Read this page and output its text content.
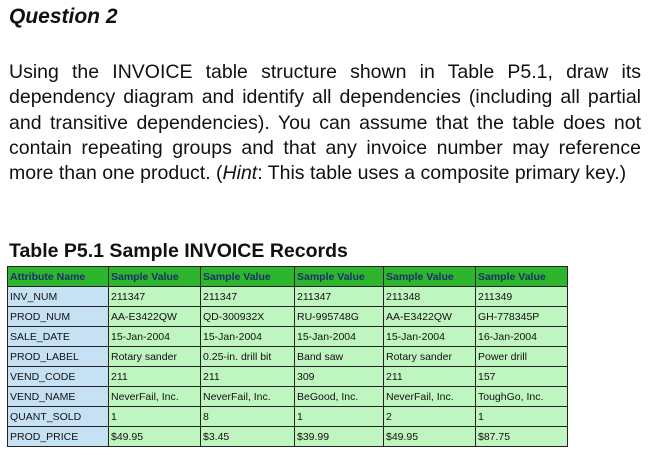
Question 2
Using the INVOICE table structure shown in Table P5.1, draw its dependency diagram and identify all dependencies (including all partial and transitive dependencies). You can assume that the table does not contain repeating groups and that any invoice number may reference more than one product. (Hint: This table uses a composite primary key.)
Table P5.1 Sample INVOICE Records
Attribute Name	Sample Value	Sample Value	Sample Value	Sample Value	Sample Value
INV_NUM	211347	211347	211347	211348	211349
PROD_NUM	AA-E3422QW	QD-300932X	RU-995748G	AA-E3422QW	GH-778345P
SALE_DATE	15-Jan-2004	15-Jan-2004	15-Jan-2004	15-Jan-2004	16-Jan-2004
PROD_LABEL	Rotary sander	0.25-in. drill bit	Band saw	Rotary sander	Power drill
VEND_CODE	211	211	309	211	157
VEND_NAME	NeverFail, Inc.	NeverFail, Inc.	BeGood, Inc.	NeverFail, Inc.	ToughGo, Inc.
QUANT_SOLD	1	8	1	2	1
PROD_PRICE	$49.95	$3.45	$39.99	$49.95	$87.75
